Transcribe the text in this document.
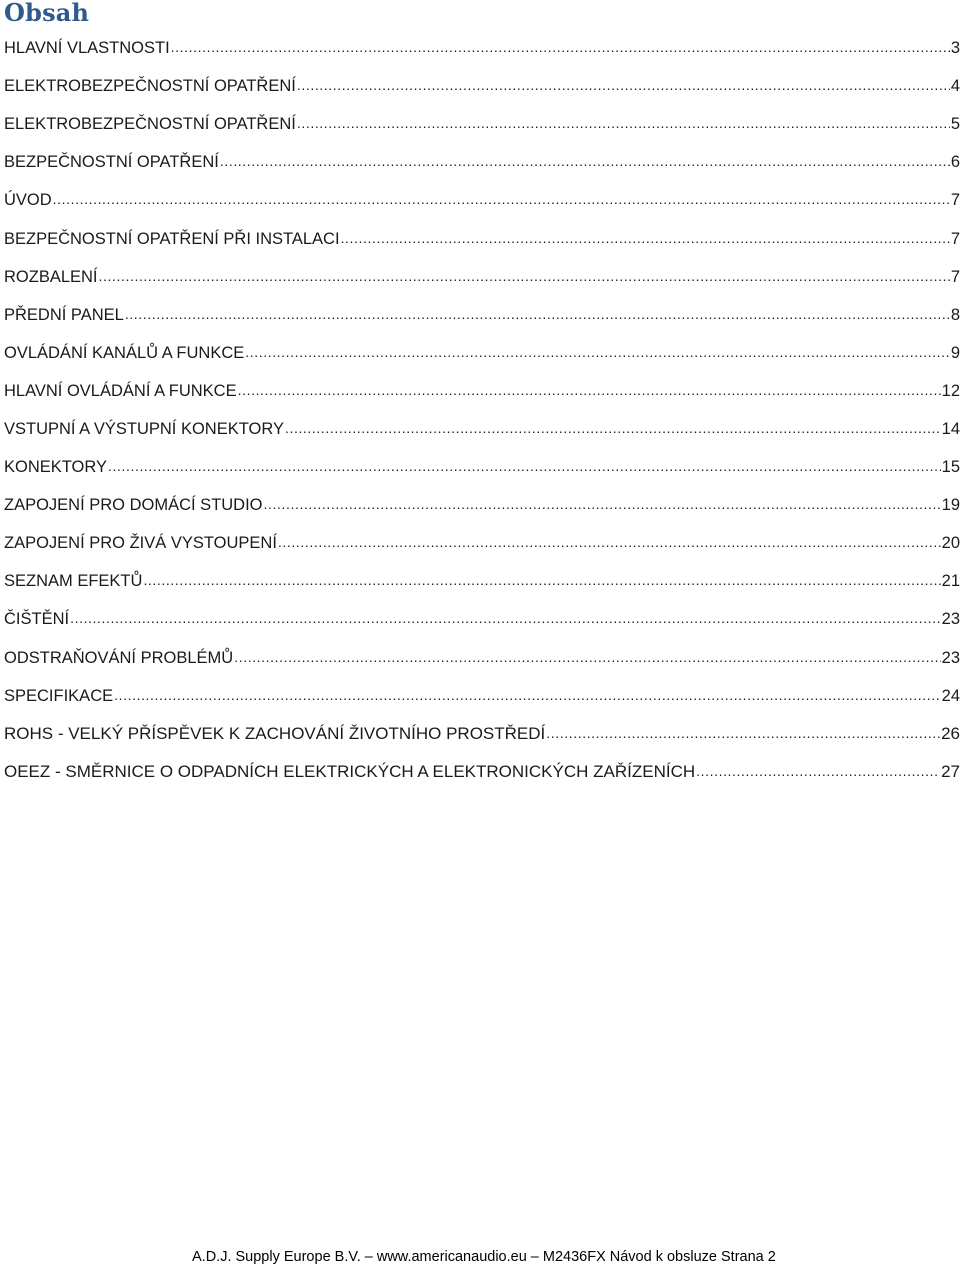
Obsah
HLAVNÍ VLASTNOSTI .....	3
ELEKTROBEZPEČNOSTNÍ OPATŘENÍ .....	4
ELEKTROBEZPEČNOSTNÍ OPATŘENÍ .....	5
BEZPEČNOSTNÍ OPATŘENÍ .....	6
ÚVOD .....	7
BEZPEČNOSTNÍ OPATŘENÍ PŘI INSTALACI .....	7
ROZBALENÍ .....	7
PŘEDNÍ PANEL .....	8
OVLÁDÁNÍ KANÁLŮ A FUNKCE .....	9
HLAVNÍ OVLÁDÁNÍ A FUNKCE .....	12
VSTUPNÍ A VÝSTUPNÍ KONEKTORY .....	14
KONEKTORY .....	15
ZAPOJENÍ PRO DOMÁCÍ STUDIO .....	19
ZAPOJENÍ PRO ŽIVÁ VYSTOUPENÍ .....	20
SEZNAM EFEKTŮ .....	21
ČIŠTĚNÍ .....	23
ODSTRAŇOVÁNÍ PROBLÉMŮ .....	23
SPECIFIKACE .....	24
ROHS - VELKÝ PŘÍSPĚVEK K ZACHOVÁNÍ ŽIVOTNÍHO PROSTŘEDÍ .....	26
OEEZ - SMĚRNICE O ODPADNÍCH ELEKTRICKÝCH A ELEKTRONICKÝCH ZAŘÍZENÍCH .....	27
A.D.J. Supply Europe B.V. – www.americanaudio.eu – M2436FX Návod k obsluze Strana 2
